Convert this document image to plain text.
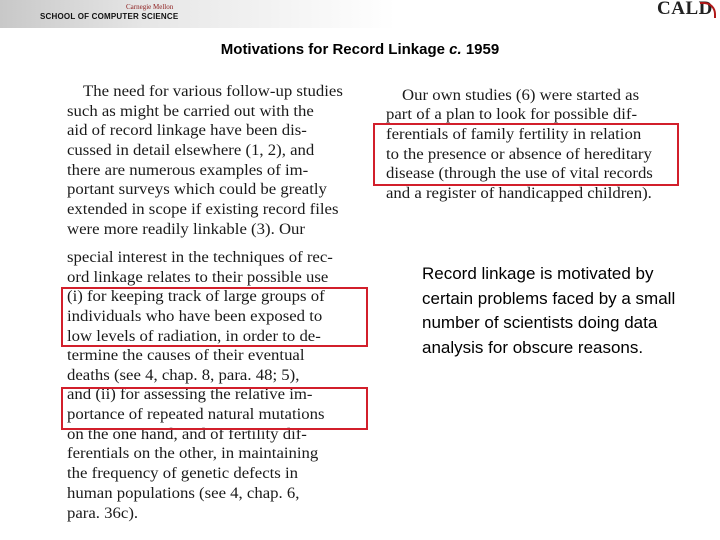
Carnegie Mellon
SCHOOL OF COMPUTER SCIENCE	CALD
Motivations for Record Linkage c. 1959
The need for various follow-up studies
such as might be carried out with the
aid of record linkage have been dis-
cussed in detail elsewhere (1, 2), and
there are numerous examples of im-
portant surveys which could be greatly
extended in scope if existing record files
were more readily linkable (3). Our
special interest in the techniques of rec-
ord linkage relates to their possible use
(i) for keeping track of large groups of
individuals who have been exposed to
low levels of radiation, in order to de-
termine the causes of their eventual
deaths (see 4, chap. 8, para. 48; 5),
and (ii) for assessing the relative im-
portance of repeated natural mutations
on the one hand, and of fertility dif-
ferentials on the other, in maintaining
the frequency of genetic defects in
human populations (see 4, chap. 6,
para. 36c).
Our own studies (6) were started as
part of a plan to look for possible dif-
ferentials of family fertility in relation
to the presence or absence of hereditary
disease (through the use of vital records
and a register of handicapped children).
Record linkage is motivated by certain problems faced by a small number of scientists doing data analysis for obscure reasons.
